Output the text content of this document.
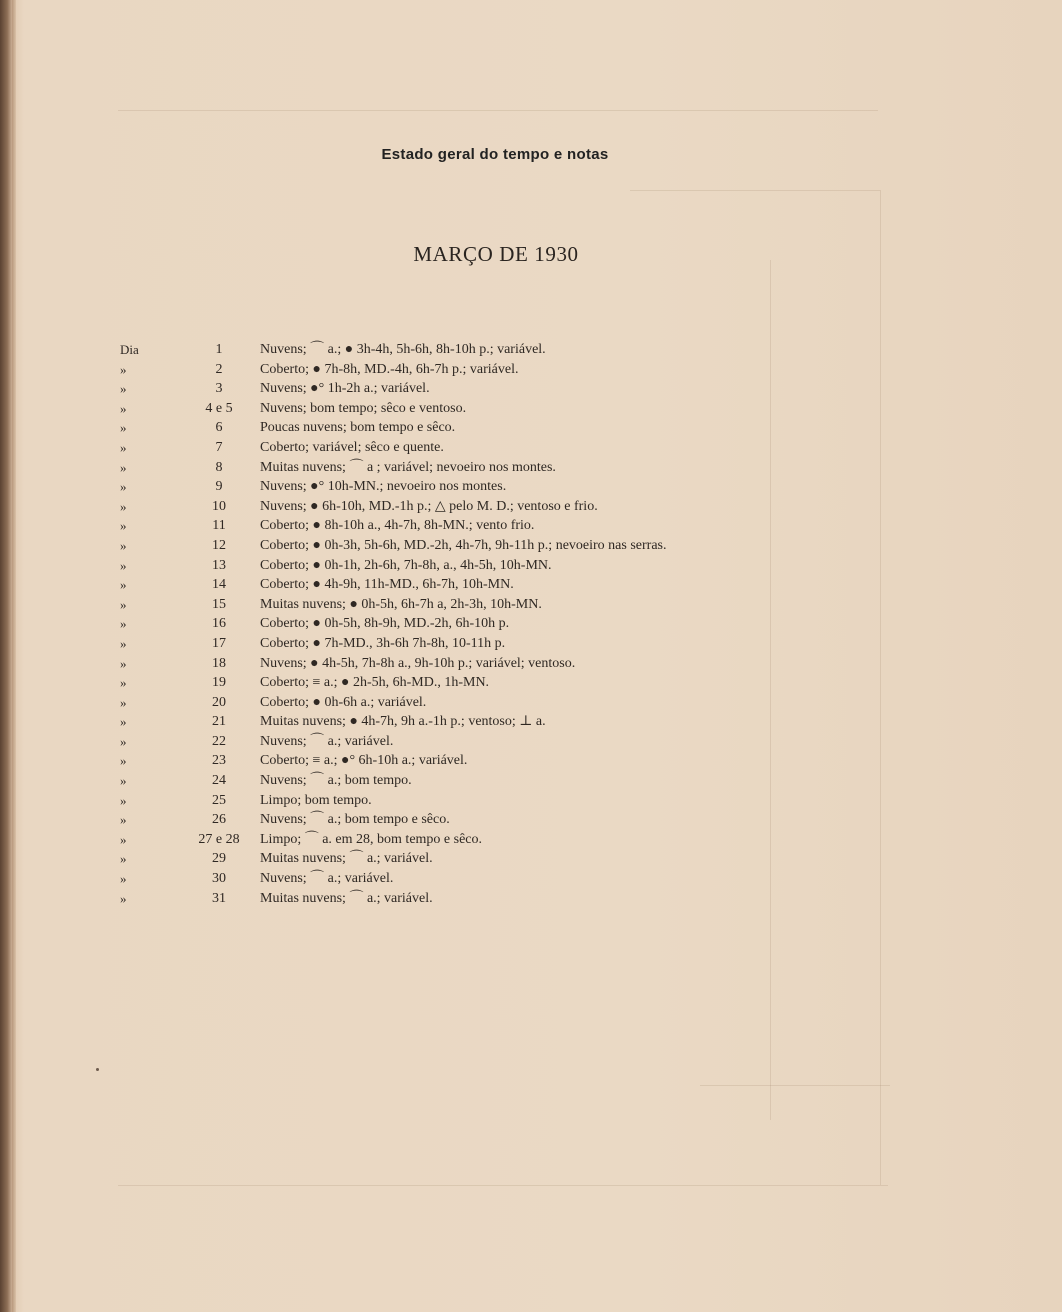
Estado geral do tempo e notas
MARÇO DE 1930
Dia	1	Nuvens; ⌒ a.; ● 3h-4h, 5h-6h, 8h-10h p.; variável.
»	2	Coberto; ● 7h-8h, MD.-4h, 6h-7h p.; variável.
»	3	Nuvens; ●° 1h-2h a.; variável.
»	4 e 5	Nuvens; bom tempo; sêco e ventoso.
»	6	Poucas nuvens; bom tempo e sêco.
»	7	Coberto; variável; sêco e quente.
»	8	Muitas nuvens; ⌒ a ; variável; nevoeiro nos montes.
»	9	Nuvens; ●° 10h-MN.; nevoeiro nos montes.
»	10	Nuvens; ● 6h-10h, MD.-1h p.; △ pelo M. D.; ventoso e frio.
»	11	Coberto; ● 8h-10h a., 4h-7h, 8h-MN.; vento frio.
»	12	Coberto; ● 0h-3h, 5h-6h, MD.-2h, 4h-7h, 9h-11h p.; nevoeiro nas serras.
»	13	Coberto; ● 0h-1h, 2h-6h, 7h-8h, a., 4h-5h, 10h-MN.
»	14	Coberto; ● 4h-9h, 11h-MD., 6h-7h, 10h-MN.
»	15	Muitas nuvens; ● 0h-5h, 6h-7h a, 2h-3h, 10h-MN.
»	16	Coberto; ● 0h-5h, 8h-9h, MD.-2h, 6h-10h p.
»	17	Coberto; ● 7h-MD., 3h-6h 7h-8h, 10-11h p.
»	18	Nuvens; ● 4h-5h, 7h-8h a., 9h-10h p.; variável; ventoso.
»	19	Coberto; ≡ a.; ● 2h-5h, 6h-MD., 1h-MN.
»	20	Coberto; ● 0h-6h a.; variável.
»	21	Muitas nuvens; ● 4h-7h, 9h a.-1h p.; ventoso; ⊥ a.
»	22	Nuvens; ⌒ a.; variável.
»	23	Coberto; ≡ a.; ●° 6h-10h a.; variável.
»	24	Nuvens; ⌒ a.; bom tempo.
»	25	Limpo; bom tempo.
»	26	Nuvens; ⌒ a.; bom tempo e sêco.
»	27 e 28	Limpo; ⌒ a. em 28, bom tempo e sêco.
»	29	Muitas nuvens; ⌒ a.; variável.
»	30	Nuvens; ⌒ a.; variável.
»	31	Muitas nuvens; ⌒ a.; variável.
